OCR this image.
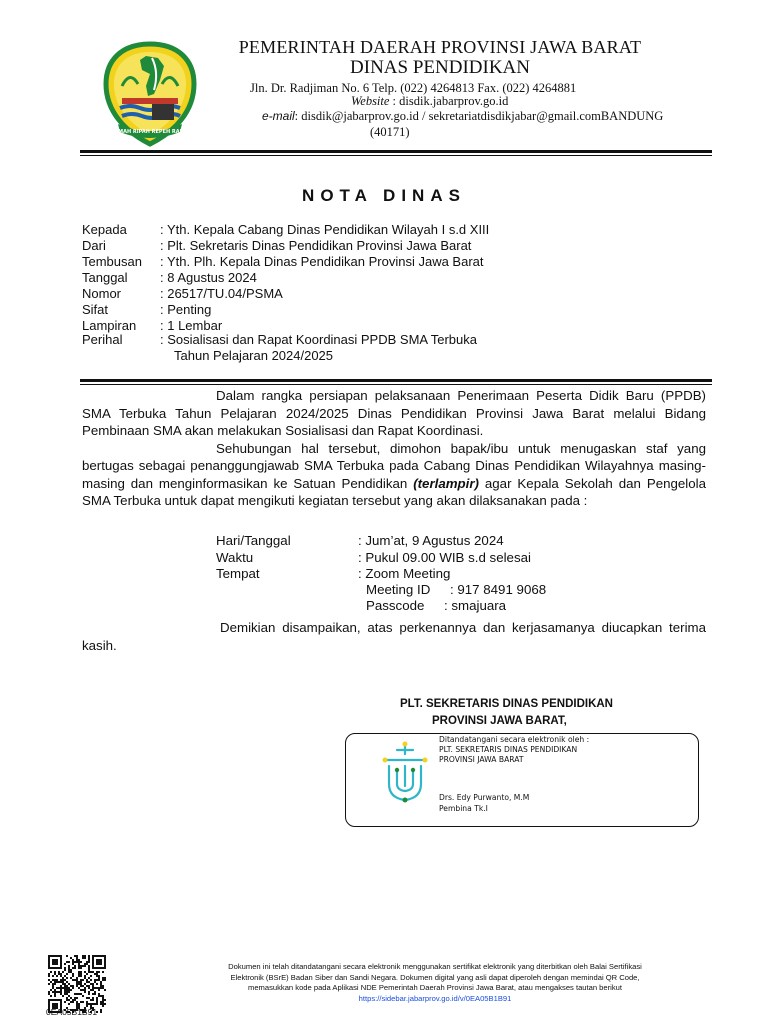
GEMAH RIPAH REPEH RAPIH
PEMERINTAH DAERAH PROVINSI JAWA BARAT
DINAS PENDIDIKAN
Jln. Dr. Radjiman No. 6 Telp. (022) 4264813 Fax. (022) 4264881
Website : disdik.jabarprov.go.id
e-mail: disdik@jabarprov.go.id / sekretariatdisdikjabar@gmail.comBANDUNG
(40171)
NOTA DINAS
Kepada	: Yth. Kepala Cabang Dinas Pendidikan Wilayah I s.d XIII
Dari	: Plt. Sekretaris Dinas Pendidikan Provinsi Jawa Barat
Tembusan : Yth. Plh. Kepala Dinas Pendidikan Provinsi Jawa Barat
Tanggal : 8 Agustus 2024
Nomor	: 26517/TU.04/PSMA
Sifat	: Penting
Lampiran : 1 Lembar
Perihal	: Sosialisasi dan Rapat Koordinasi PPDB SMA Terbuka
Tahun Pelajaran 2024/2025

Dalam rangka persiapan pelaksanaan Penerimaan Peserta Didik Baru (PPDB) SMA Terbuka Tahun Pelajaran 2024/2025 Dinas Pendidikan Provinsi Jawa Barat melalui Bidang Pembinaan SMA akan melakukan Sosialisasi dan Rapat Koordinasi.

Sehubungan hal tersebut, dimohon bapak/ibu untuk menugaskan staf yang bertugas sebagai penanggungjawab SMA Terbuka pada Cabang Dinas Pendidikan Wilayahnya masing-masing dan menginformasikan ke Satuan Pendidikan (terlampir) agar Kepala Sekolah dan Pengelola SMA Terbuka untuk dapat mengikuti kegiatan tersebut yang akan dilaksanakan pada :

Hari/Tanggal	: Jum’at, 9 Agustus 2024
Waktu	: Pukul 09.00 WIB s.d selesai
Tempat	: Zoom Meeting
Meeting ID : 917 8491 9068
Passcode : smajuara

Demikian disampaikan, atas perkenannya dan kerjasamanya diucapkan terima kasih.

PLT. SEKRETARIS DINAS PENDIDIKAN
PROVINSI JAWA BARAT,
Ditandatangani secara elektronik oleh :
PLT. SEKRETARIS DINAS PENDIDIKAN
PROVINSI JAWA BARAT
Drs. Edy Purwanto, M.M
Pembina Tk.I
0EA05B1B91
Dokumen ini telah ditandatangani secara elektronik menggunakan sertifikat elektronik yang diterbitkan oleh Balai Sertifikasi
Elektronik (BSrE) Badan Siber dan Sandi Negara. Dokumen digital yang asli dapat diperoleh dengan memindai QR Code,
memasukkan kode pada Aplikasi NDE Pemerintah Daerah Provinsi Jawa Barat, atau mengakses tautan berikut
https://sidebar.jabarprov.go.id/v/0EA05B1B91
